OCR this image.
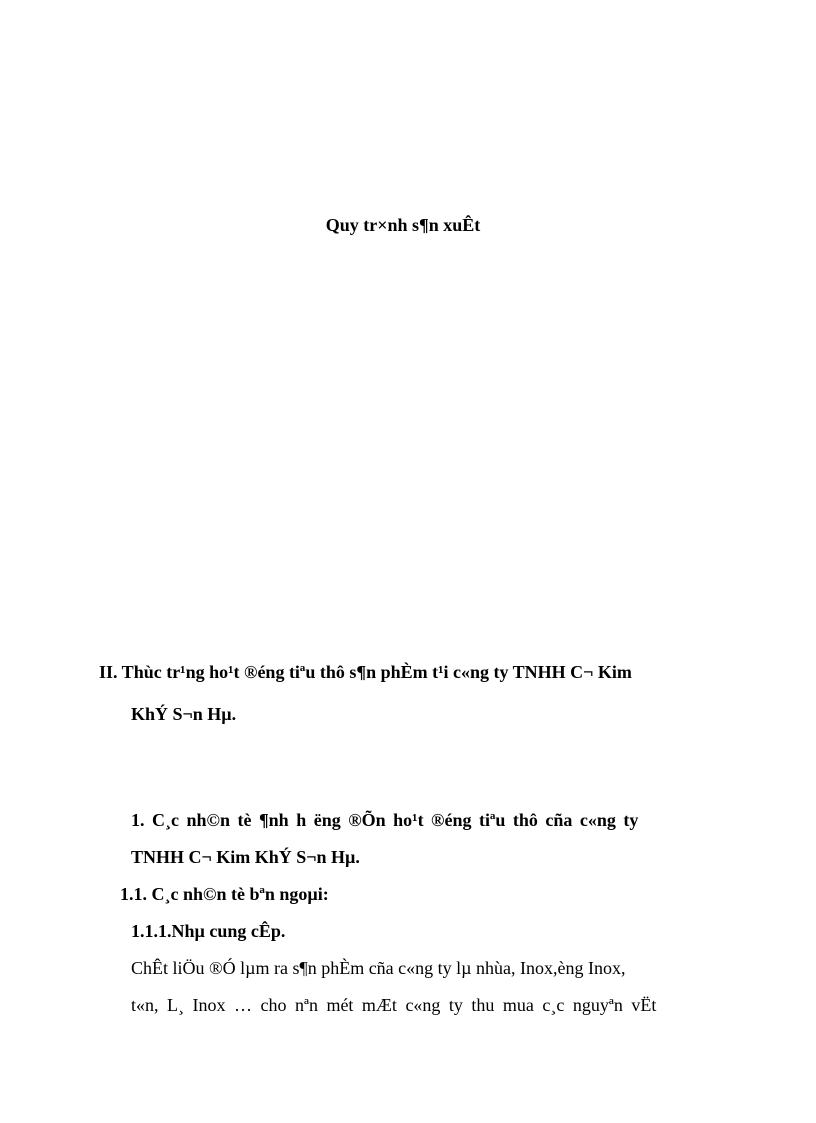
Quy tr×nh s¶n xuÊt
II. Thùc tr¹ng ho¹t ®éng tiªu thô s¶n phÈm t¹i c«ng ty TNHH C¬ Kim
KhÝ S¬n Hµ.
1. C¸c nh©n tè ¶nh h ëng ®Õn ho¹t ®éng tiªu thô cña c«ng ty
TNHH C¬ Kim KhÝ S¬n Hµ.
1.1. C¸c nh©n tè bªn ngoµi:
1.1.1.Nhµ cung cÊp.
ChÊt liÖu ®Ó lµm ra s¶n phÈm cña c«ng ty lµ nhùa, Inox,èng Inox,
t«n, L¸ Inox … cho nªn mét mÆt c«ng ty thu mua c¸c nguyªn vËt
